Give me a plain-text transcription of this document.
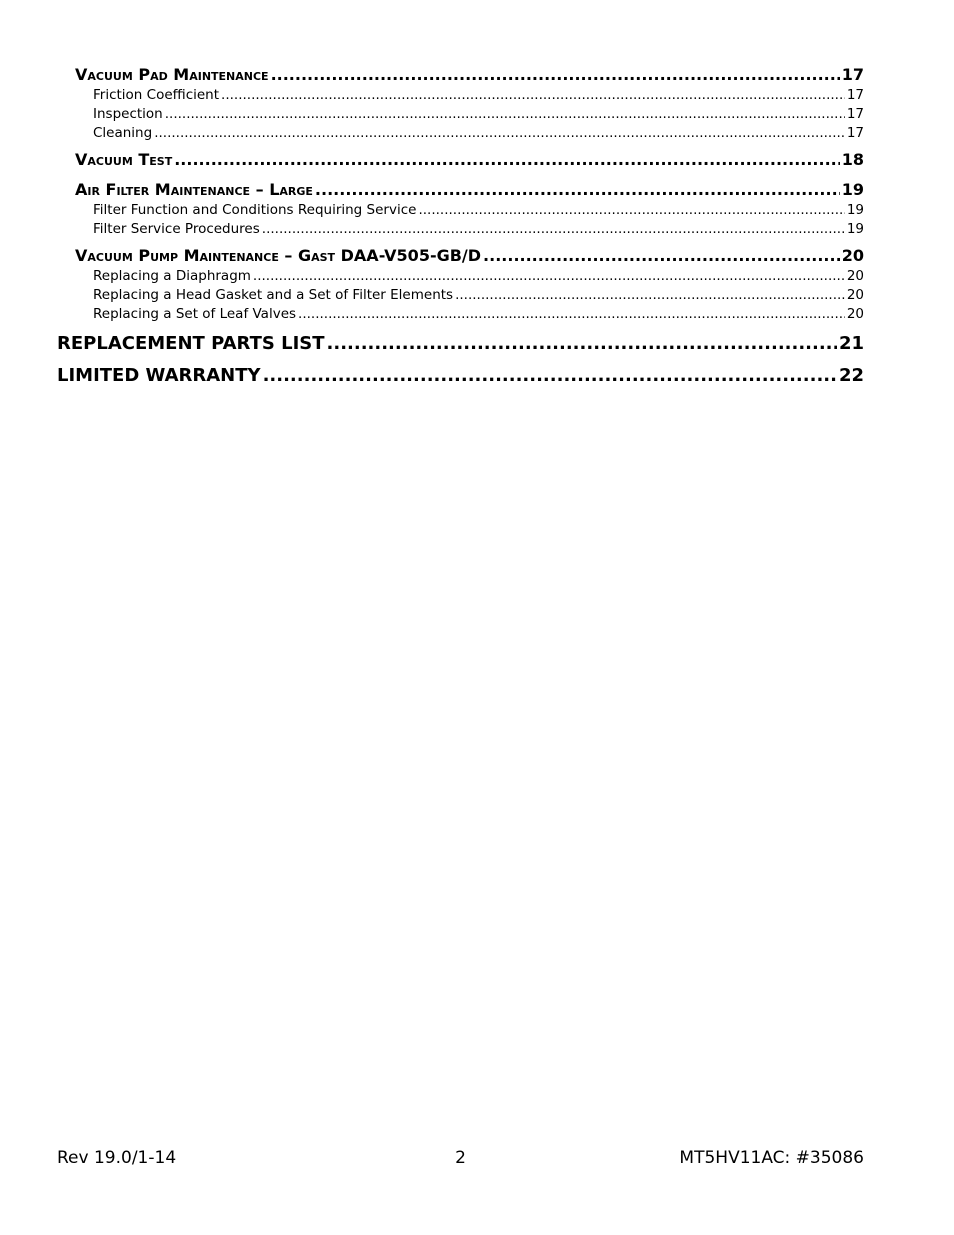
Vacuum Pad Maintenance .....	17
Friction Coefficient .....	17
Inspection .....	17
Cleaning .....	17
Vacuum Test .....	18
Air Filter Maintenance – Large .....	19
Filter Function and Conditions Requiring Service .....	19
Filter Service Procedures .....	19
Vacuum Pump Maintenance – Gast DAA-V505-GB/D .....	20
Replacing a Diaphragm .....	20
Replacing a Head Gasket and a Set of Filter Elements .....	20
Replacing a Set of Leaf Valves .....	20
REPLACEMENT PARTS LIST .....	21
LIMITED WARRANTY .....	22
Rev 19.0/1-14	2	MT5HV11AC: #35086
